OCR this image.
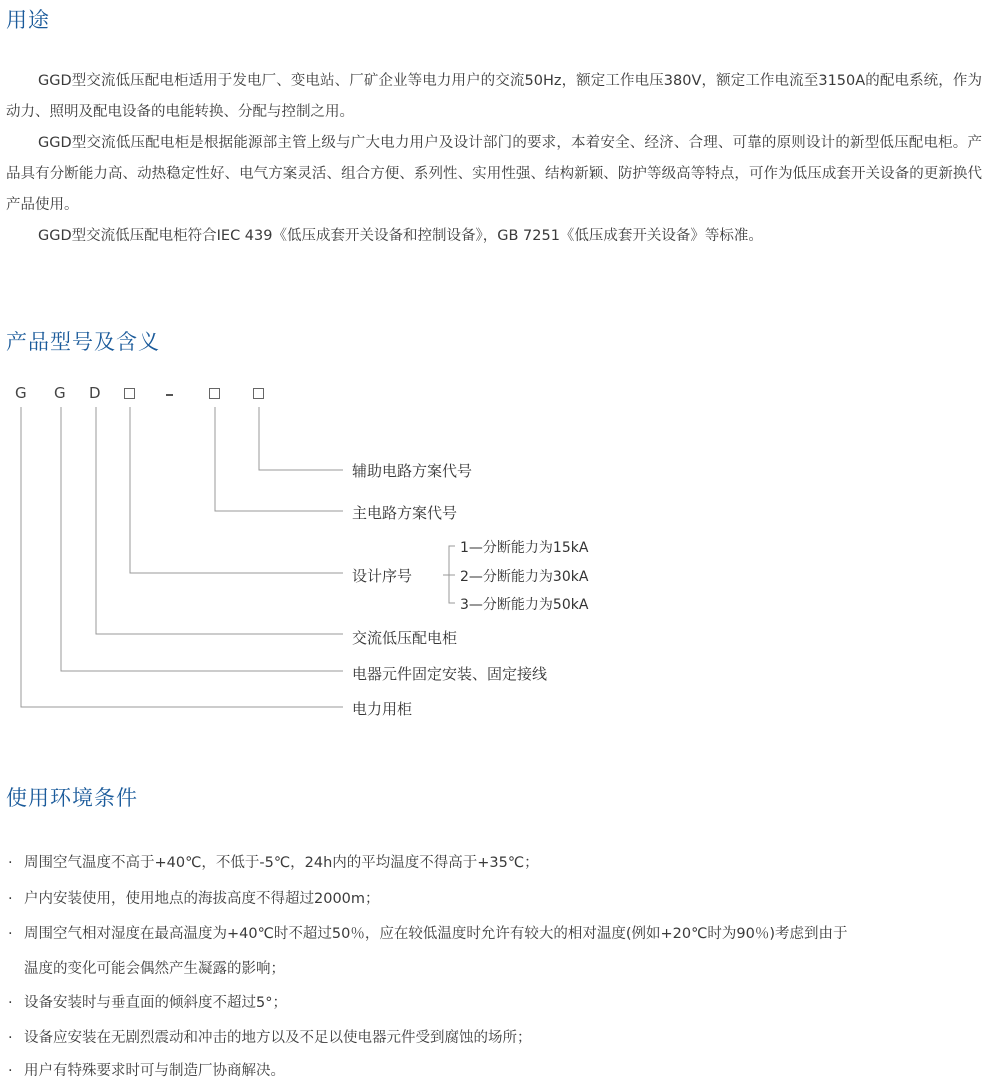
用途

GGD型交流低压配电柜适用于发电厂、变电站、厂矿企业等电力用户的交流50Hz，额定工作电压380V，额定工作电流至3150A的配电系统，作为动力、照明及配电设备的电能转换、分配与控制之用。

GGD型交流低压配电柜是根据能源部主管上级与广大电力用户及设计部门的要求，本着安全、经济、合理、可靠的原则设计的新型低压配电柜。产品具有分断能力高、动热稳定性好、电气方案灵活、组合方便、系列性、实用性强、结构新颖、防护等级高等特点，可作为低压成套开关设备的更新换代产品使用。

GGD型交流低压配电柜符合IEC 439《低压成套开关设备和控制设备》，GB 7251《低压成套开关设备》等标准。

产品型号及含义
G G D
辅助电路方案代号
主电路方案代号
设计序号
1—分断能力为15kA
2—分断能力为30kA
3—分断能力为50kA
交流低压配电柜
电器元件固定安装、固定接线
电力用柜
使用环境条件

· 周围空气温度不高于+40℃，不低于-5℃，24h内的平均温度不得高于+35℃；

· 户内安装使用，使用地点的海拔高度不得超过2000m；

· 周围空气相对湿度在最高温度为+40℃时不超过50％，应在较低温度时允许有较大的相对温度(例如+20℃时为90％)考虑到由于

温度的变化可能会偶然产生凝露的影响；

· 设备安装时与垂直面的倾斜度不超过5°；

· 设备应安装在无剧烈震动和冲击的地方以及不足以使电器元件受到腐蚀的场所；

· 用户有特殊要求时可与制造厂协商解决。
